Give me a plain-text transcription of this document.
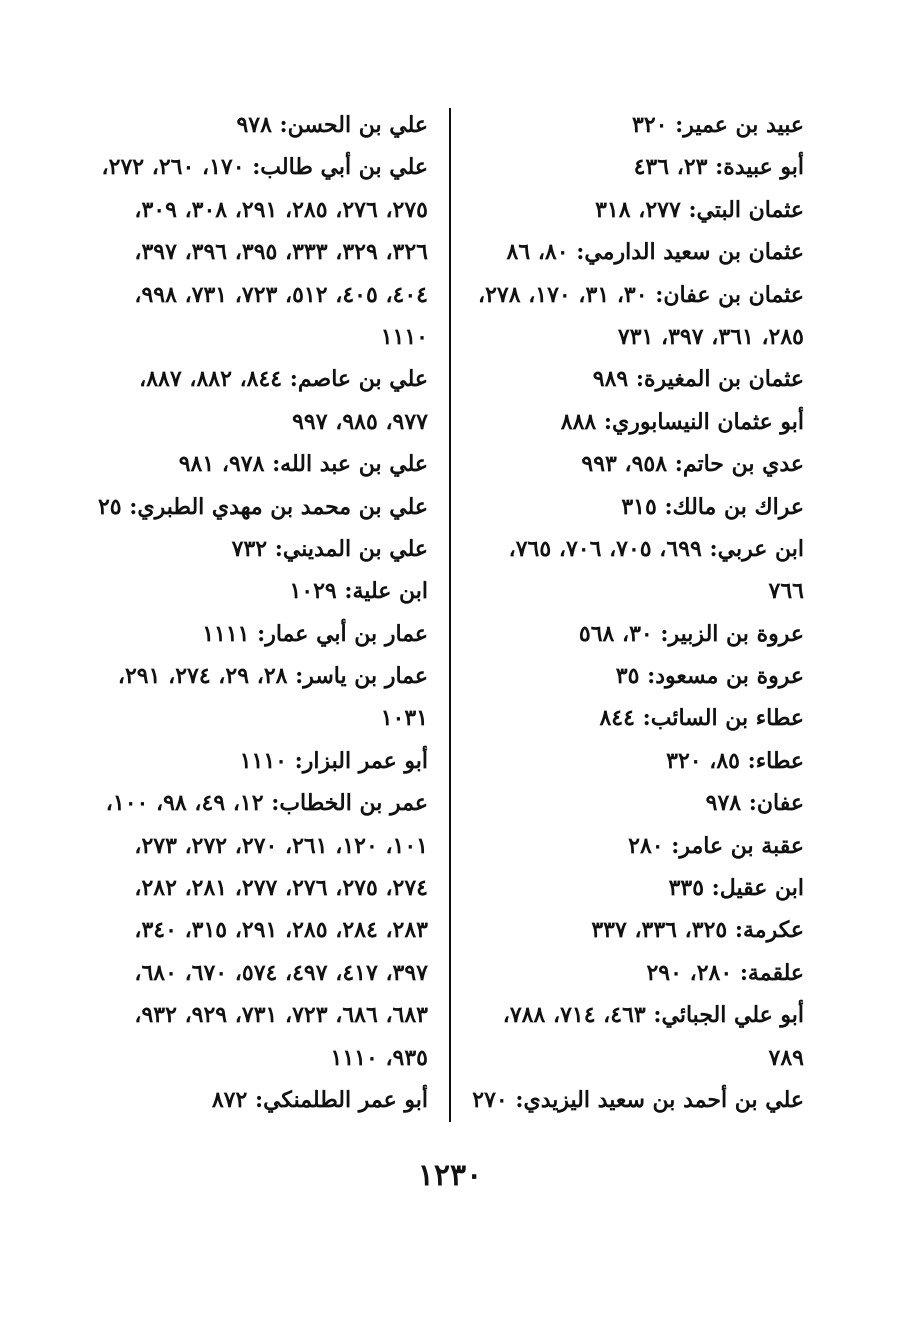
عبيد بن عمير: ٣٢٠
أبو عبيدة: ٢٣، ٤٣٦
عثمان البتي: ٢٧٧، ٣١٨
عثمان بن سعيد الدارمي: ٨٠، ٨٦
عثمان بن عفان: ٣٠، ٣١، ١٧٠، ٢٧٨،
٢٨٥، ٣٦١، ٣٩٧، ٧٣١
عثمان بن المغيرة: ٩٨٩
أبو عثمان النيسابوري: ٨٨٨
عدي بن حاتم: ٩٥٨، ٩٩٣
عراك بن مالك: ٣١٥
ابن عربي: ٦٩٩، ٧٠٥، ٧٠٦، ٧٦٥،
٧٦٦
عروة بن الزبير: ٣٠، ٥٦٨
عروة بن مسعود: ٣٥
عطاء بن السائب: ٨٤٤
عطاء: ٨٥، ٣٢٠
عفان: ٩٧٨
عقبة بن عامر: ٢٨٠
ابن عقيل: ٣٣٥
عكرمة: ٣٢٥، ٣٣٦، ٣٣٧
علقمة: ٢٨٠، ٢٩٠
أبو علي الجبائي: ٤٦٣، ٧١٤، ٧٨٨،
٧٨٩
علي بن أحمد بن سعيد اليزيدي: ٢٧٠
علي بن الحسن: ٩٧٨
علي بن أبي طالب: ١٧٠، ٢٦٠، ٢٧٢،
٢٧٥، ٢٧٦، ٢٨٥، ٢٩١، ٣٠٨، ٣٠٩،
٣٢٦، ٣٢٩، ٣٣٣، ٣٩٥، ٣٩٦، ٣٩٧،
٤٠٤، ٤٠٥، ٥١٢، ٧٢٣، ٧٣١، ٩٩٨،
١١١٠
علي بن عاصم: ٨٤٤، ٨٨٢، ٨٨٧،
٩٧٧، ٩٨٥، ٩٩٧
علي بن عبد الله: ٩٧٨، ٩٨١
علي بن محمد بن مهدي الطبري: ٢٥
علي بن المديني: ٧٣٢
ابن علية: ١٠٢٩
عمار بن أبي عمار: ١١١١
عمار بن ياسر: ٢٨، ٢٩، ٢٧٤، ٢٩١،
١٠٣١
أبو عمر البزار: ١١١٠
عمر بن الخطاب: ١٢، ٤٩، ٩٨، ١٠٠،
١٠١، ١٢٠، ٢٦١، ٢٧٠، ٢٧٢، ٢٧٣،
٢٧٤، ٢٧٥، ٢٧٦، ٢٧٧، ٢٨١، ٢٨٢،
٢٨٣، ٢٨٤، ٢٨٥، ٢٩١، ٣١٥، ٣٤٠،
٣٩٧، ٤١٧، ٤٩٧، ٥٧٤، ٦٧٠، ٦٨٠،
٦٨٣، ٦٨٦، ٧٢٣، ٧٣١، ٩٢٩، ٩٣٢،
٩٣٥، ١١١٠
أبو عمر الطلمنكي: ٨٧٢
١٢٣٠
